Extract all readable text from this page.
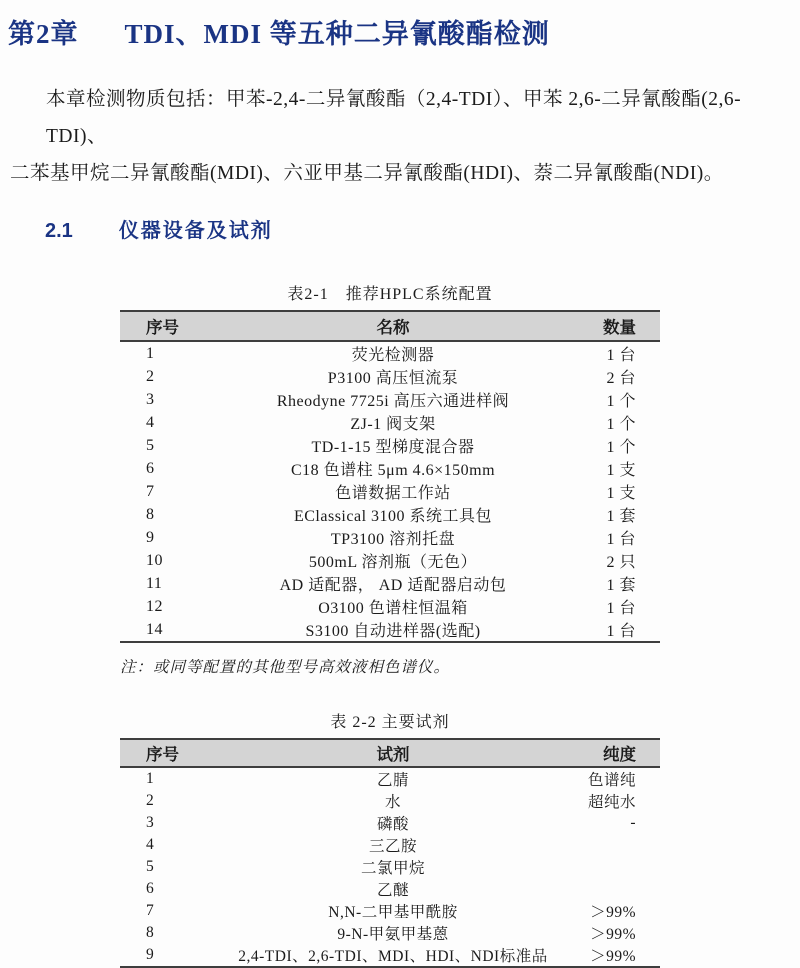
第2章 TDI、MDI 等五种二异氰酸酯检测
本章检测物质包括：甲苯-2,4-二异氰酸酯（2,4-TDI）、甲苯 2,6-二异氰酸酯(2,6-TDI)、
二苯基甲烷二异氰酸酯(MDI)、六亚甲基二异氰酸酯(HDI)、萘二异氰酸酯(NDI)。
2.1 仪器设备及试剂
表2-1　推荐HPLC系统配置
序号	名称	数量
1	荧光检测器	1 台
2	P3100 高压恒流泵	2 台
3	Rheodyne 7725i 高压六通进样阀	1 个
4	ZJ-1 阀支架	1 个
5	TD-1-15 型梯度混合器	1 个
6	C18 色谱柱 5μm 4.6×150mm	1 支
7	色谱数据工作站	1 支
8	EClassical 3100 系统工具包	1 套
9	TP3100 溶剂托盘	1 台
10	500mL 溶剂瓶（无色）	2 只
11	AD 适配器， AD 适配器启动包	1 套
12	O3100 色谱柱恒温箱	1 台
14	S3100 自动进样器(选配)	1 台
注：或同等配置的其他型号高效液相色谱仪。
表 2-2 主要试剂
序号	试剂	纯度
1	乙腈	色谱纯
2	水	超纯水
3	磷酸	-
4	三乙胺	
5	二氯甲烷	
6	乙醚	
7	N,N-二甲基甲酰胺	＞99%
8	9-N-甲氨甲基蒽	＞99%
9	2,4-TDI、2,6-TDI、MDI、HDI、NDI标准品	＞99%
